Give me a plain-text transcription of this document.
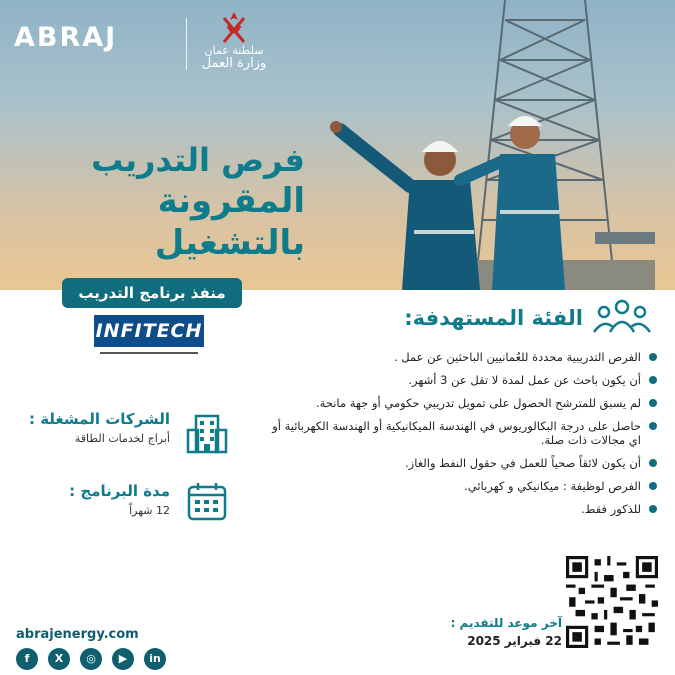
ABRAJ	سلطنة عمان
وزارة العمل
فرص التدريب
المقرونة بالتشغيل
منفذ برنامج التدريب
INFITECH
الشركات المشغلة :
أبراج لخدمات الطاقة
مدة البرنامج :
12 شهراً
الفئة المستهدفة:
الفرص التدريبية محددة للعُمانيين الباحثين عن عمل .
أن يكون باحث عن عمل لمدة لا تقل عن 3 أشهر.
لم يسبق للمترشح الحصول على تمويل تدريبي حكومي أو جهة مانحة.
حاصل على درجة البكالوريوس في الهندسة الميكانيكية أو الهندسة الكهربائية أو اي مجالات ذات صلة.
أن يكون لائقاً صحياً للعمل في حقول النفط والغاز.
الفرص لوظيفة : ميكانيكي و كهربائي.
للذكور فقط.
آخر موعد للتقديم :
22 فبراير 2025
abrajenergy.com
f	X	◎	▶	in
